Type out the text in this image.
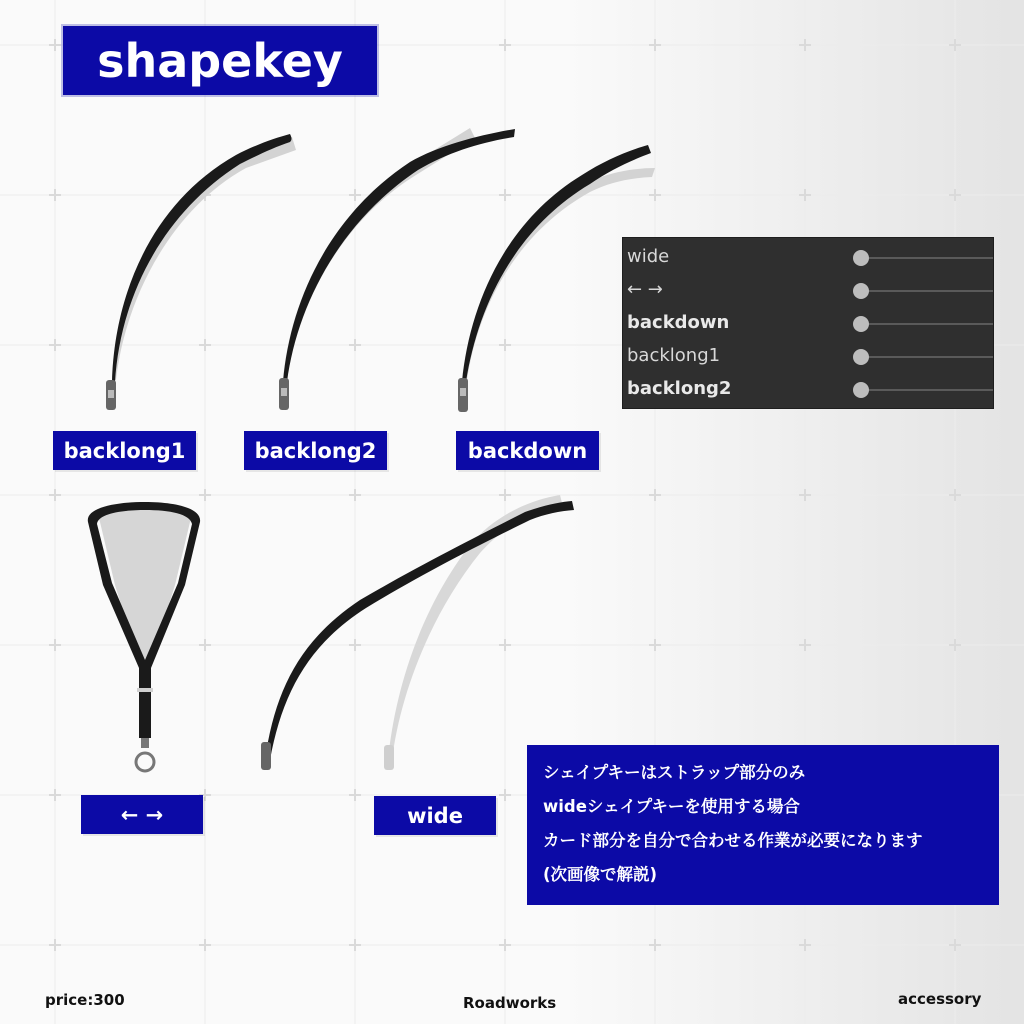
shapekey
backlong1	backlong2	backdown
← →	wide
wide
← →
backdown
backlong1
backlong2
シェイプキーはストラップ部分のみ
wideシェイプキーを使用する場合
カード部分を自分で合わせる作業が必要になります
(次画像で解説)
price:300	Roadworks	accessory
